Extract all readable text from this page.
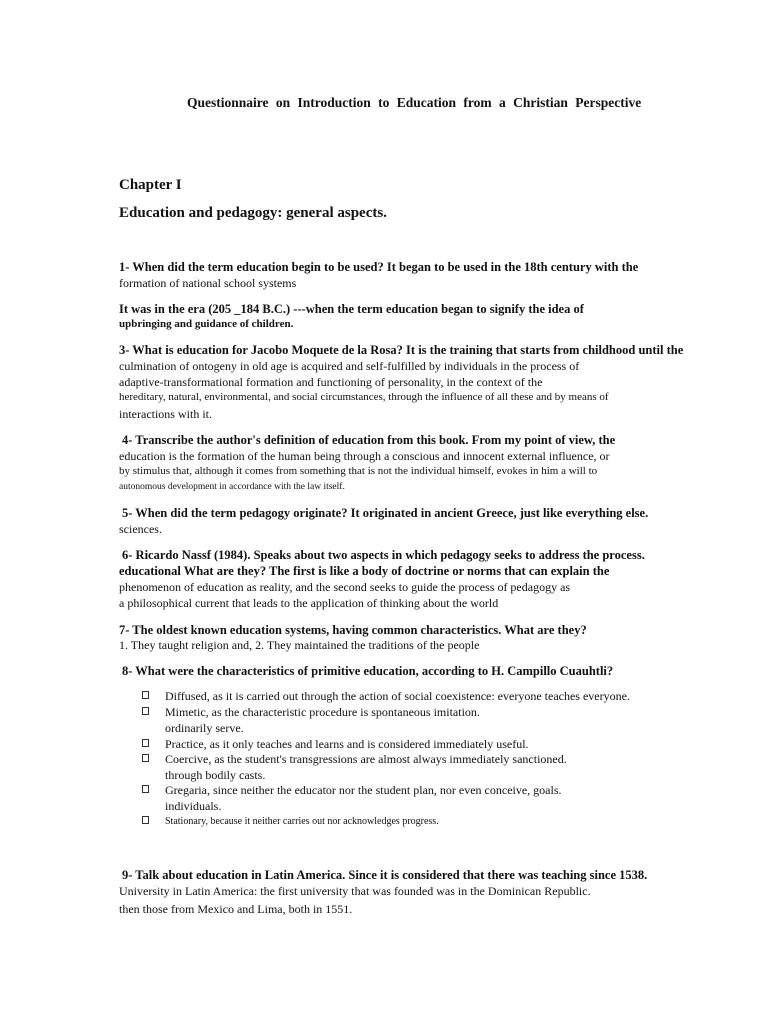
Questionnaire on Introduction to Education from a Christian Perspective
Chapter I
Education and pedagogy: general aspects.
1- When did the term education begin to be used? It began to be used in the 18th century with the
formation of national school systems
It was in the era (205 _184 B.C.) ---when the term education began to signify the idea of
upbringing and guidance of children.
3- What is education for Jacobo Moquete de la Rosa? It is the training that starts from childhood until the
culmination of ontogeny in old age is acquired and self-fulfilled by individuals in the process of
adaptive-transformational formation and functioning of personality, in the context of the
hereditary, natural, environmental, and social circumstances, through the influence of all these and by means of
interactions with it.
4- Transcribe the author's definition of education from this book. From my point of view, the
education is the formation of the human being through a conscious and innocent external influence, or
by stimulus that, although it comes from something that is not the individual himself, evokes in him a will to
autonomous development in accordance with the law itself.
5- When did the term pedagogy originate? It originated in ancient Greece, just like everything else.
sciences.
6- Ricardo Nassf (1984). Speaks about two aspects in which pedagogy seeks to address the process.
educational What are they? The first is like a body of doctrine or norms that can explain the
phenomenon of education as reality, and the second seeks to guide the process of pedagogy as
a philosophical current that leads to the application of thinking about the world
7- The oldest known education systems, having common characteristics. What are they?
1. They taught religion and, 2. They maintained the traditions of the people
8- What were the characteristics of primitive education, according to H. Campillo Cuauhtli?
Diffused, as it is carried out through the action of social coexistence: everyone teaches everyone.
Mimetic, as the characteristic procedure is spontaneous imitation.
ordinarily serve.
Practice, as it only teaches and learns and is considered immediately useful.
Coercive, as the student's transgressions are almost always immediately sanctioned.
through bodily casts.
Gregaria, since neither the educator nor the student plan, nor even conceive, goals.
individuals.
Stationary, because it neither carries out nor acknowledges progress.
9- Talk about education in Latin America. Since it is considered that there was teaching since 1538.
University in Latin America: the first university that was founded was in the Dominican Republic.
then those from Mexico and Lima, both in 1551.
